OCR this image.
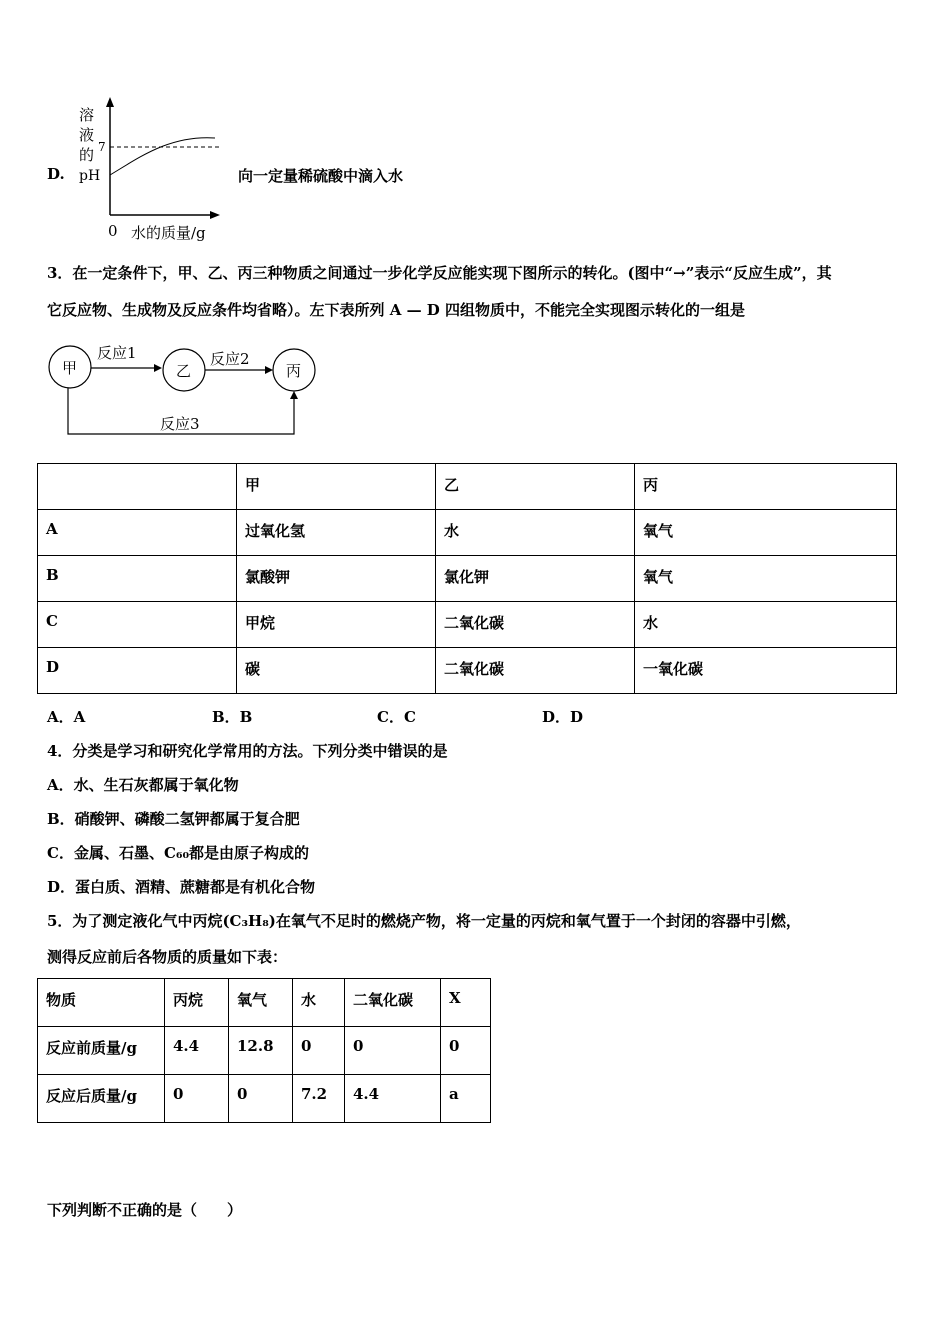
D.
溶
液
的
pH
7
0 水的质量/g
向一定量稀硫酸中滴入水
3．在一定条件下，甲、乙、丙三种物质之间通过一步化学反应能实现下图所示的转化。(图中“→”表示“反应生成”，其
它反应物、生成物及反应条件均省略）。左下表所列 A — D 四组物质中，不能完全实现图示转化的一组是
甲	乙	丙
反应1	反应2
反应3
	甲	乙	丙
A	过氧化氢	水	氧气
B	氯酸钾	氯化钾	氧气
C	甲烷	二氧化碳	水
D	碳	二氧化碳	一氧化碳
A．A	B．B	C．C	D．D
4．分类是学习和研究化学常用的方法。下列分类中错误的是
A．水、生石灰都属于氧化物
B．硝酸钾、磷酸二氢钾都属于复合肥
C．金属、石墨、C₆₀都是由原子构成的
D．蛋白质、酒精、蔗糖都是有机化合物
5．为了测定液化气中丙烷(C₃H₈)在氧气不足时的燃烧产物，将一定量的丙烷和氧气置于一个封闭的容器中引燃，
测得反应前后各物质的质量如下表：
物质	丙烷	氧气	水	二氧化碳	X
反应前质量/g	4.4	12.8	0	0	0
反应后质量/g	0	0	7.2	4.4	a
下列判断不正确的是（　　）
